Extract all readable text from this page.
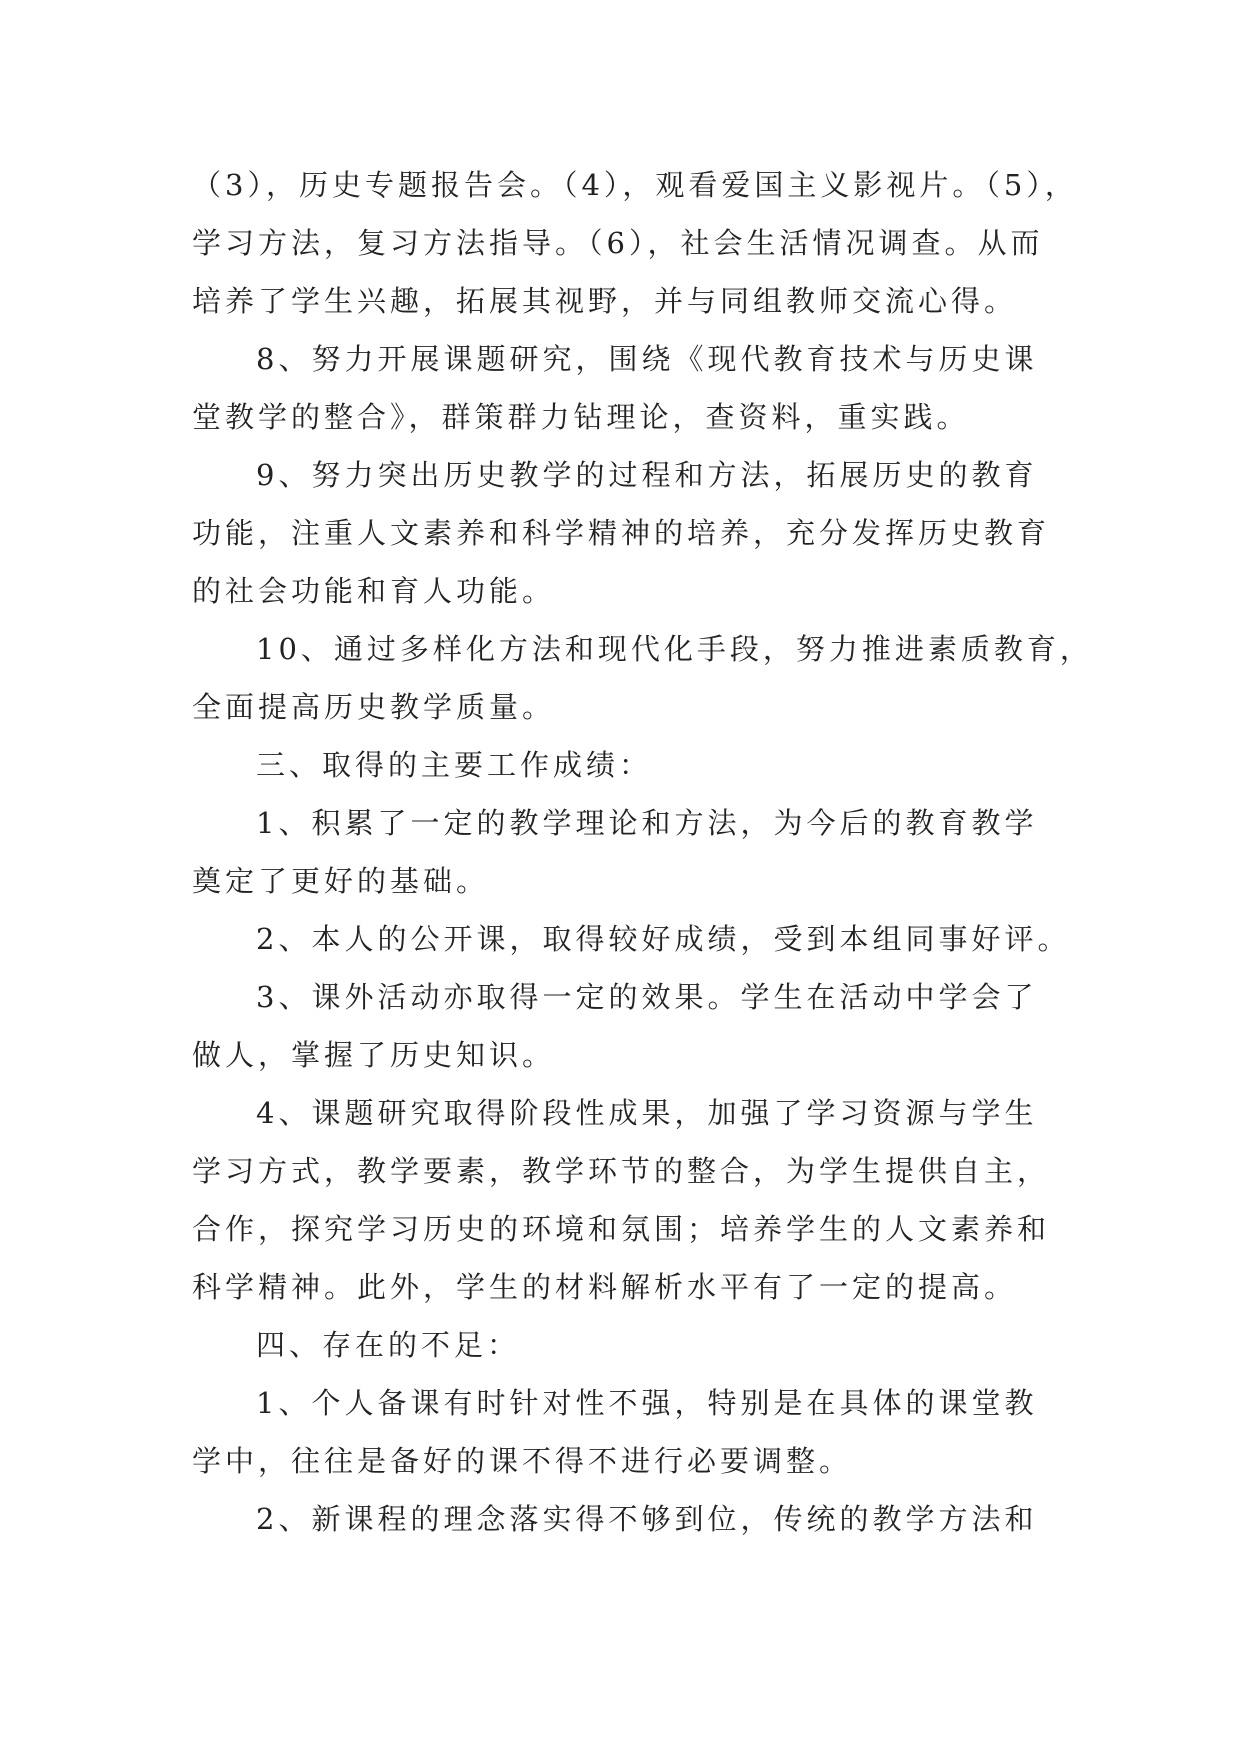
（3），历史专题报告会。（4），观看爱国主义影视片。（5），
学习方法，复习方法指导。（6），社会生活情况调查。从而
培养了学生兴趣，拓展其视野，并与同组教师交流心得。
8、努力开展课题研究，围绕《现代教育技术与历史课
堂教学的整合》，群策群力钻理论，查资料，重实践。
9、努力突出历史教学的过程和方法，拓展历史的教育
功能，注重人文素养和科学精神的培养，充分发挥历史教育
的社会功能和育人功能。
10、通过多样化方法和现代化手段，努力推进素质教育，
全面提高历史教学质量。
三、取得的主要工作成绩：
1、积累了一定的教学理论和方法，为今后的教育教学
奠定了更好的基础。
2、本人的公开课，取得较好成绩，受到本组同事好评。
3、课外活动亦取得一定的效果。学生在活动中学会了
做人，掌握了历史知识。
4、课题研究取得阶段性成果，加强了学习资源与学生
学习方式，教学要素，教学环节的整合，为学生提供自主，
合作，探究学习历史的环境和氛围；培养学生的人文素养和
科学精神。此外，学生的材料解析水平有了一定的提高。
四、存在的不足：
1、个人备课有时针对性不强，特别是在具体的课堂教
学中，往往是备好的课不得不进行必要调整。
2、新课程的理念落实得不够到位，传统的教学方法和
